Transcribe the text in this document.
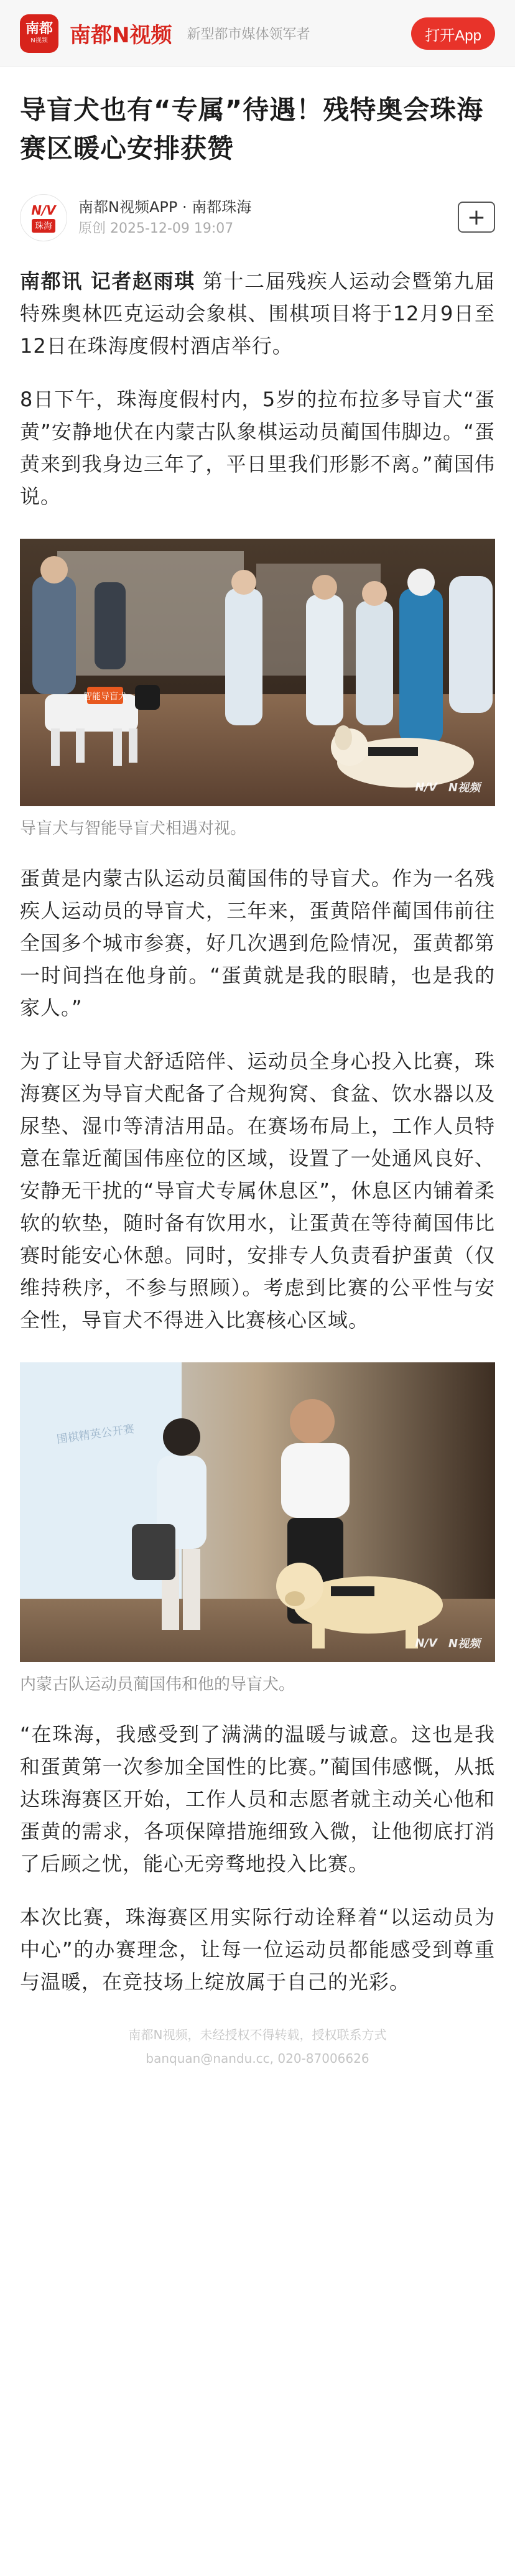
南都
N视频 南都N视频 新型都市媒体领军者	打开App
导盲犬也有“专属”待遇！残特奥会珠海赛区暖心安排获赞
N/V
珠海
南都N视频APP · 南都珠海
原创 2025-12-09 19:07	+

南都讯 记者赵雨琪 第十二届残疾人运动会暨第九届特殊奥林匹克运动会象棋、围棋项目将于12月9日至12日在珠海度假村酒店举行。

8日下午，珠海度假村内，5岁的拉布拉多导盲犬“蛋黄”安静地伏在内蒙古队象棋运动员蔺国伟脚边。“蛋黄来到我身边三年了，平日里我们形影不离。”蔺国伟说。

智能导盲犬
N/V N视频
导盲犬与智能导盲犬相遇对视。

蛋黄是内蒙古队运动员蔺国伟的导盲犬。作为一名残疾人运动员的导盲犬，三年来，蛋黄陪伴蔺国伟前往全国多个城市参赛，好几次遇到危险情况，蛋黄都第一时间挡在他身前。“蛋黄就是我的眼睛，也是我的家人。”

为了让导盲犬舒适陪伴、运动员全身心投入比赛，珠海赛区为导盲犬配备了合规狗窝、食盆、饮水器以及尿垫、湿巾等清洁用品。在赛场布局上，工作人员特意在靠近蔺国伟座位的区域，设置了一处通风良好、安静无干扰的“导盲犬专属休息区”，休息区内铺着柔软的软垫，随时备有饮用水，让蛋黄在等待蔺国伟比赛时能安心休憩。同时，安排专人负责看护蛋黄（仅维持秩序，不参与照顾）。考虑到比赛的公平性与安全性，导盲犬不得进入比赛核心区域。

围棋精英公开赛
N/V N视频
内蒙古队运动员蔺国伟和他的导盲犬。

“在珠海，我感受到了满满的温暖与诚意。这也是我和蛋黄第一次参加全国性的比赛。”蔺国伟感慨，从抵达珠海赛区开始，工作人员和志愿者就主动关心他和蛋黄的需求，各项保障措施细致入微，让他彻底打消了后顾之忧，能心无旁骛地投入比赛。

本次比赛，珠海赛区用实际行动诠释着“以运动员为中心”的办赛理念，让每一位运动员都能感受到尊重与温暖，在竞技场上绽放属于自己的光彩。

南都N视频，未经授权不得转载，授权联系方式
banquan@nandu.cc, 020-87006626
